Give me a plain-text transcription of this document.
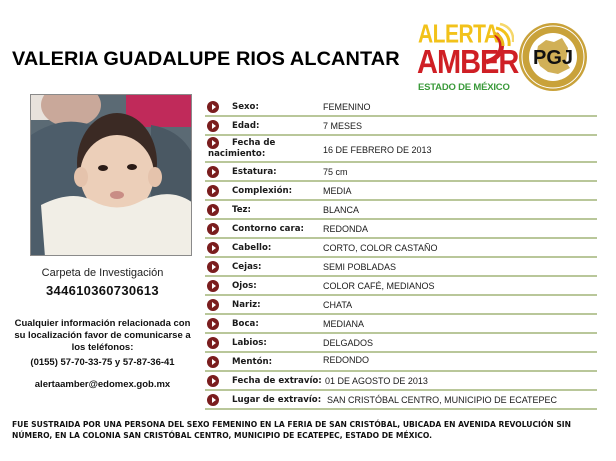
VALERIA GUADALUPE RIOS ALCANTAR
ALERTA
AMBER
ESTADO DE MÉXICO
PGJ
Carpeta de Investigación
344610360730613
Cualquier información relacionada con su localización favor de comunicarse a los teléfonos:
(0155) 57-70-33-75 y 57-87-36-41
alertaamber@edomex.gob.mx
Sexo:	FEMENINO
Edad:	7 MESES
Fecha de
nacimiento:	16 DE FEBRERO DE 2013
Estatura:	75 cm
Complexión:	MEDIA
Tez:	BLANCA
Contorno cara: REDONDA
Cabello:	CORTO, COLOR CASTAÑO
Cejas:	SEMI POBLADAS
Ojos:	COLOR CAFÉ, MEDIANOS
Nariz:	CHATA
Boca:	MEDIANA
Labios:	DELGADOS
Mentón:	REDONDO
Fecha de extravío: 01 DE AGOSTO DE 2013
Lugar de extravío: SAN CRISTÓBAL CENTRO, MUNICIPIO DE ECATEPEC
FUE SUSTRAIDA POR UNA PERSONA DEL SEXO FEMENINO EN LA FERIA DE SAN CRISTÓBAL, UBICADA EN AVENIDA REVOLUCIÓN SIN NÚMERO, EN LA COLONIA SAN CRISTÓBAL CENTRO, MUNICIPIO DE ECATEPEC, ESTADO DE MÉXICO.
